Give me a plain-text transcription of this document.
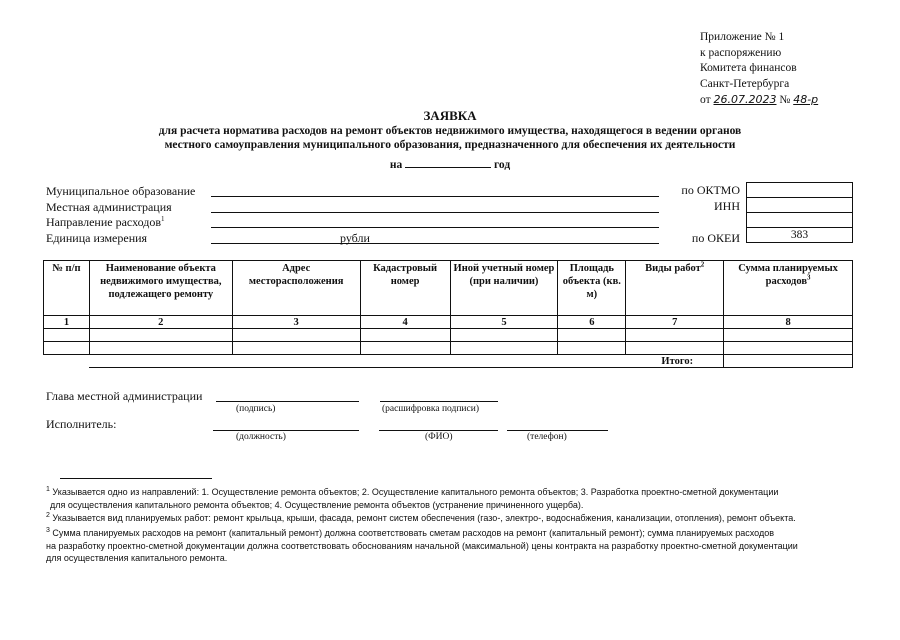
Приложение № 1
к распоряжению
Комитета финансов
Санкт-Петербурга
от 26.07.2023 № 48-р
ЗАЯВКА
для расчета норматива расходов на ремонт объектов недвижимого имущества, находящегося в ведении органов
местного самоуправления муниципального образования, предназначенного для обеспечения их деятельности
на	год
Муниципальное образование
Местная администрация
Направление расходов$^1$
Единица измерения	рубли
по ОКТМО
ИНН
по ОКЕИ	383
№ п/п	Наименование объекта недвижимого имущества, подлежащего ремонту	Адрес месторасположения	Кадастровый номер	Иной учетный номер (при наличии)	Площадь объекта (кв. м)	Виды работ$^2$	Сумма планируемых расходов$^3$
1	2	3	4	5	6	7	8

	Итого:						
Глава местной администрации
(подпись)	(расшифровка подписи)
Исполнитель:
(должность)	(ФИО)	(телефон)
$^1$ Указывается одно из направлений: 1. Осуществление ремонта объектов; 2. Осуществление капитального ремонта объектов; 3. Разработка проектно-сметной документации
для осуществления капитального ремонта объектов; 4. Осуществление ремонта объектов (устранение причиненного ущерба).
$^2$ Указывается вид планируемых работ: ремонт крыльца, крыши, фасада, ремонт систем обеспечения (газо-, электро-, водоснабжения, канализации, отопления), ремонт объекта.
$^3$ Сумма планируемых расходов на ремонт (капитальный ремонт) должна соответствовать сметам расходов на ремонт (капитальный ремонт); сумма планируемых расходов
на разработку проектно-сметной документации должна соответствовать обоснованиям начальной (максимальной) цены контракта на разработку проектно-сметной документации
для осуществления капитального ремонта.
